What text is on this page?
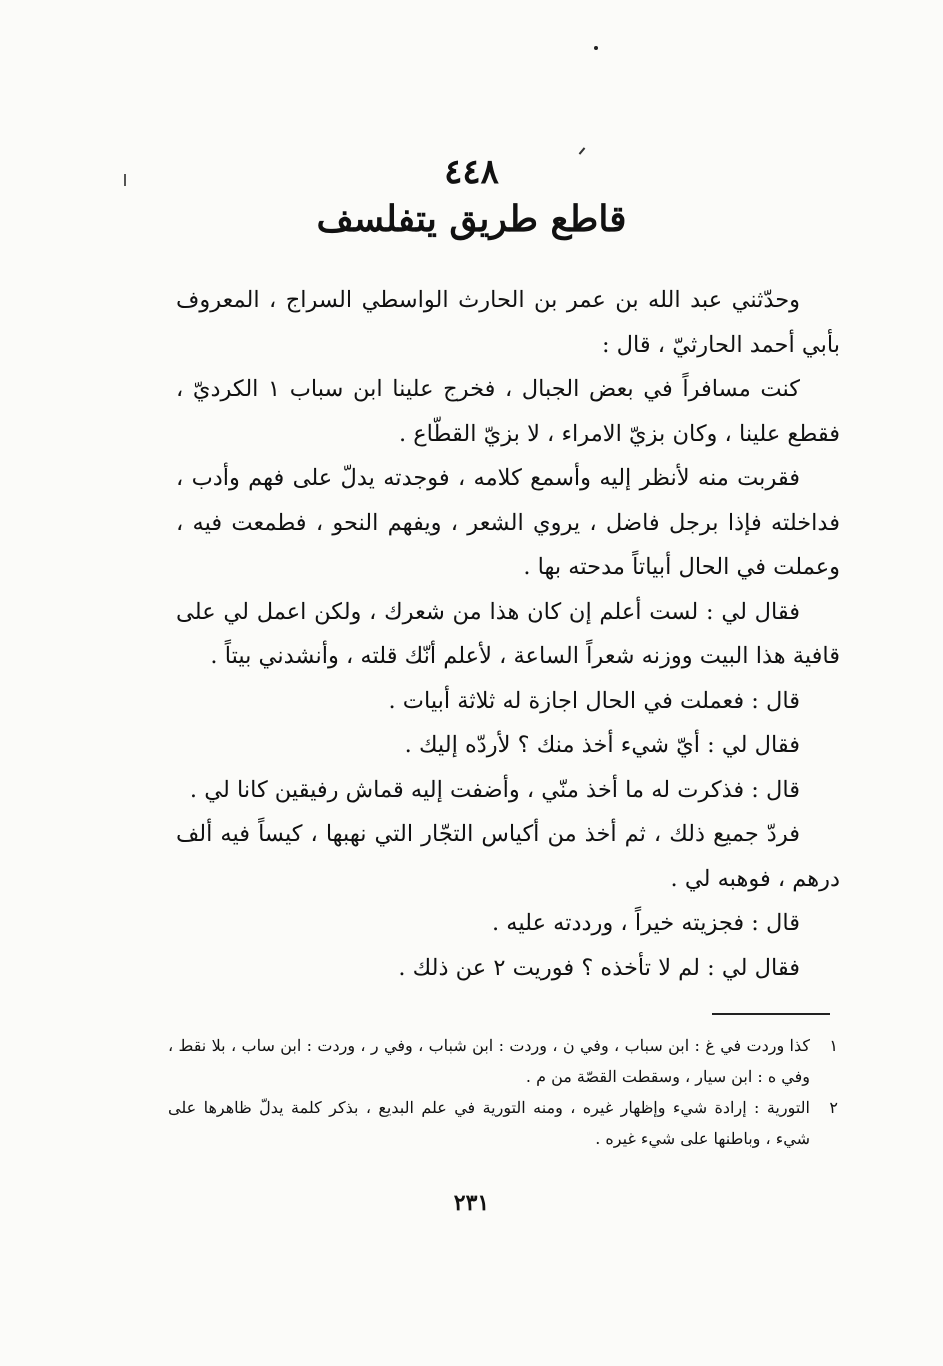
٤٤٨
قاطع طريق يتفلسف
وحدّثني عبد الله بن عمر بن الحارث الواسطي السراج ، المعروف بأبي أحمد الحارثيّ ، قال :
كنت مسافراً في بعض الجبال ، فخرج علينا ابن سباب ١ الكرديّ ، فقطع علينا ، وكان بزيّ الامراء ، لا بزيّ القطّاع .
فقربت منه لأنظر إليه وأسمع كلامه ، فوجدته يدلّ على فهم وأدب ، فداخلته فإذا برجل فاضل ، يروي الشعر ، ويفهم النحو ، فطمعت فيه ، وعملت في الحال أبياتاً مدحته بها .
فقال لي : لست أعلم إن كان هذا من شعرك ، ولكن اعمل لي على قافية هذا البيت ووزنه شعراً الساعة ، لأعلم أنّك قلته ، وأنشدني بيتاً .
قال : فعملت في الحال اجازة له ثلاثة أبيات .
فقال لي : أيّ شيء أخذ منك ؟ لأردّه إليك .
قال : فذكرت له ما أخذ منّي ، وأضفت إليه قماش رفيقين كانا لي .
فردّ جميع ذلك ، ثم أخذ من أكياس التجّار التي نهبها ، كيساً فيه ألف درهم ، فوهبه لي .
قال : فجزيته خيراً ، ورددته عليه .
فقال لي : لم لا تأخذه ؟ فوريت ٢ عن ذلك .
١
كذا وردت في غ : ابن سباب ، وفي ن ، وردت : ابن شباب ، وفي ر ، وردت : ابن ساب ، بلا نقط ، وفي ه : ابن سيار ، وسقطت القصّة من م .
٢
التورية : إرادة شيء وإظهار غيره ، ومنه التورية في علم البديع ، بذكر كلمة يدلّ ظاهرها على شيء ، وباطنها على شيء غيره .
٢٣١
